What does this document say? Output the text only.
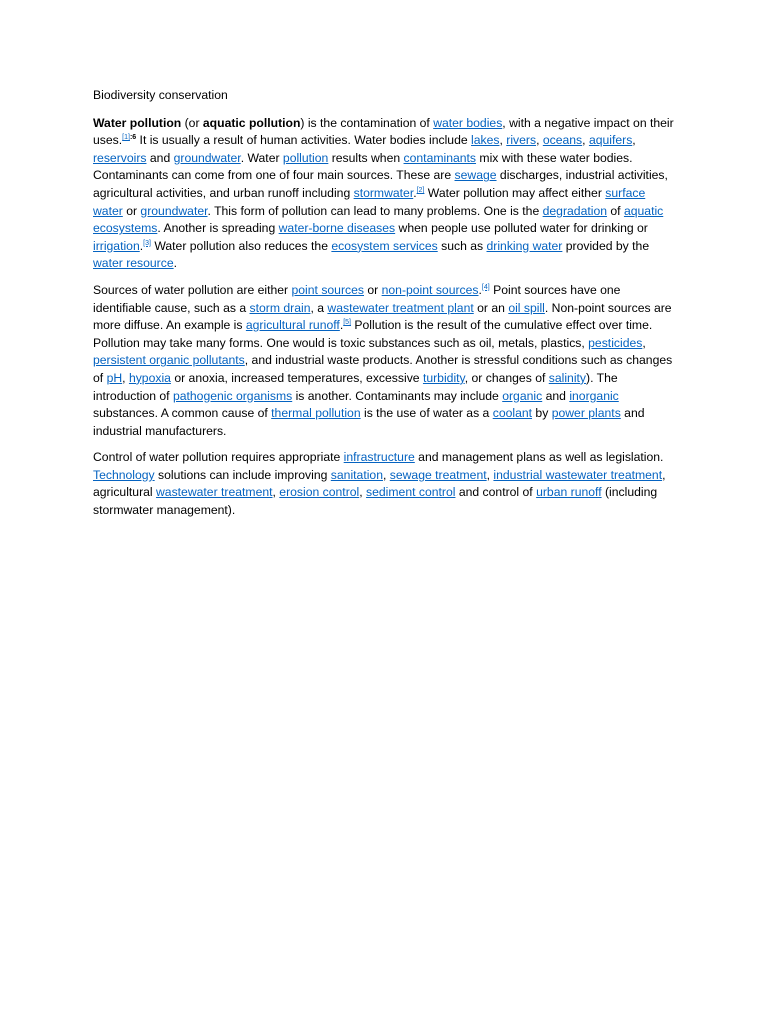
Biodiversity conservation

Water pollution (or aquatic pollution) is the contamination of water bodies, with a negative impact on their uses.$^{[1]:6}$ It is usually a result of human activities. Water bodies include lakes, rivers, oceans, aquifers, reservoirs and groundwater. Water pollution results when contaminants mix with these water bodies. Contaminants can come from one of four main sources. These are sewage discharges, industrial activities, agricultural activities, and urban runoff including stormwater.[2] Water pollution may affect either surface water or groundwater. This form of pollution can lead to many problems. One is the degradation of aquatic ecosystems. Another is spreading water-borne diseases when people use polluted water for drinking or irrigation.[3] Water pollution also reduces the ecosystem services such as drinking water provided by the water resource.

Sources of water pollution are either point sources or non-point sources.[4] Point sources have one identifiable cause, such as a storm drain, a wastewater treatment plant or an oil spill. Non-point sources are more diffuse. An example is agricultural runoff.[5] Pollution is the result of the cumulative effect over time. Pollution may take many forms. One would is toxic substances such as oil, metals, plastics, pesticides, persistent organic pollutants, and industrial waste products. Another is stressful conditions such as changes of pH, hypoxia or anoxia, increased temperatures, excessive turbidity, or changes of salinity). The introduction of pathogenic organisms is another. Contaminants may include organic and inorganic substances. A common cause of thermal pollution is the use of water as a coolant by power plants and industrial manufacturers.

Control of water pollution requires appropriate infrastructure and management plans as well as legislation. Technology solutions can include improving sanitation, sewage treatment, industrial wastewater treatment, agricultural wastewater treatment, erosion control, sediment control and control of urban runoff (including stormwater management).
